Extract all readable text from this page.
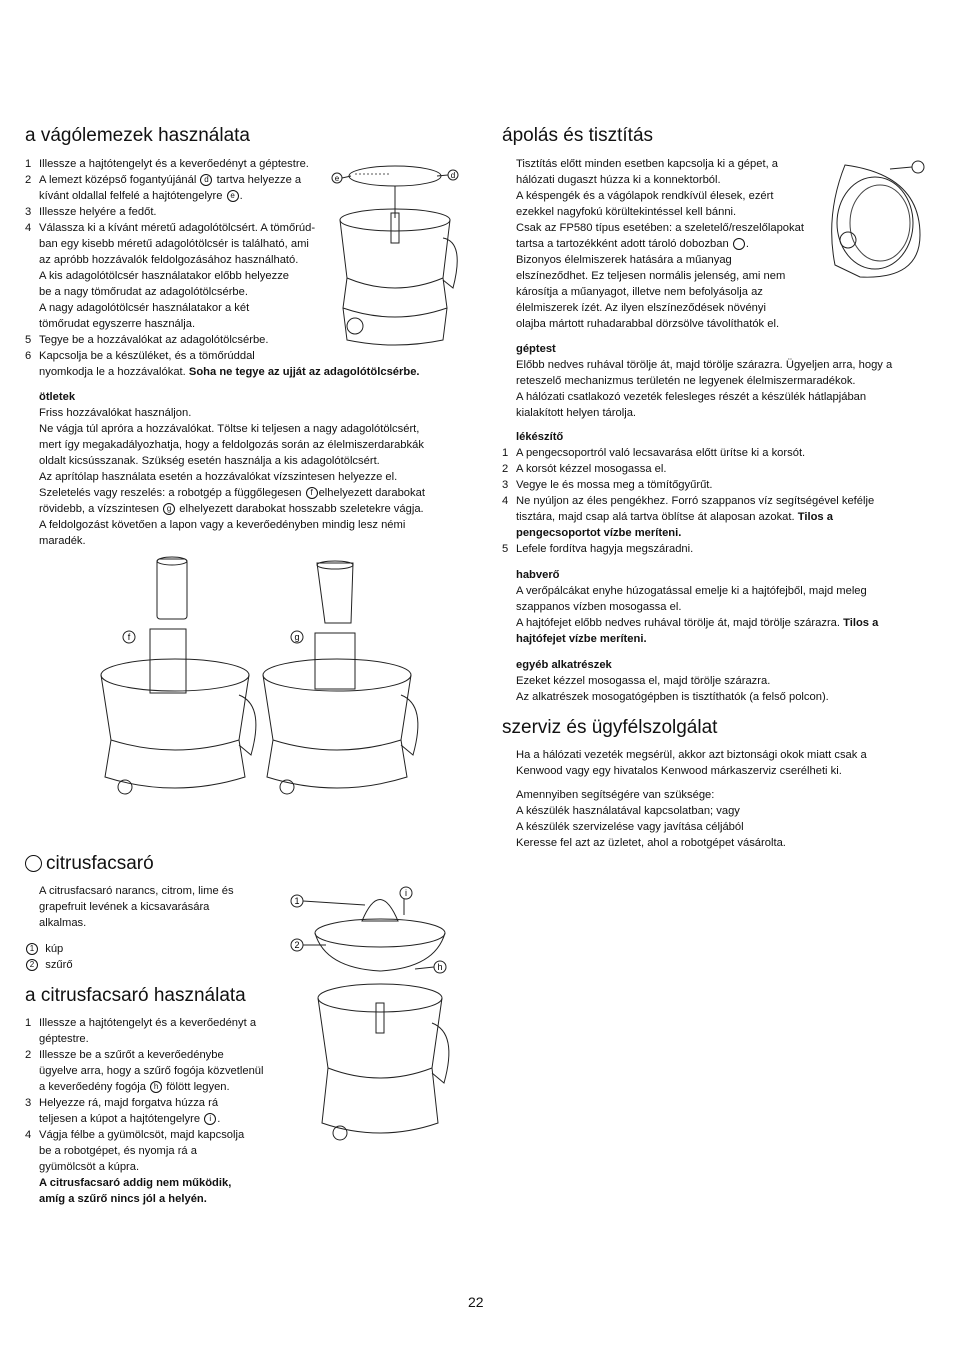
a vágólemezek használata
1 Illessze a hajtótengelyt és a keverőedényt a géptestre.
2 A lemezt középső fogantyújánál d tartva helyezze a
kívánt oldallal felfelé a hajtótengelyre e .
3 Illessze helyére a fedőt.
4 Válassza ki a kívánt méretű adagolótölcsért. A tömőrúd-
ban egy kisebb méretű adagolótölcsér is található, ami
az apróbb hozzávalók feldolgozásához használható.
A kis adagolótölcsér használatakor előbb helyezze
be a nagy tömőrudat az adagolótölcsérbe.
A nagy adagolótölcsér használatakor a két
tömőrudat egyszerre használja.
5 Tegye be a hozzávalókat az adagolótölcsérbe.
6 Kapcsolja be a készüléket, és a tömőrúddal
nyomkodja le a hozzávalókat. Soha ne tegye az ujját az adagolótölcsérbe.
ötletek
Friss hozzávalókat használjon.
Ne vágja túl apróra a hozzávalókat. Töltse ki teljesen a nagy adagolótölcsért,
mert így megakadályozhatja, hogy a feldolgozás során az élelmiszerdarabkák
oldalt kicsússzanak. Szükség esetén használja a kis adagolótölcsért.
Az aprítólap használata esetén a hozzávalókat vízszintesen helyezze el.
Szeletelés vagy reszelés: a robotgép a függőlegesen f elhelyezett darabokat
rövidebb, a vízszintesen g elhelyezett darabokat hosszabb szeletekre vágja.
A feldolgozást követően a lapon vagy a keverőedényben mindig lesz némi
maradék.
e	d
f	g
citrusfacsaró
A citrusfacsaró narancs, citrom, lime és
grapefruit levének a kicsavarására
alkalmas.
1 kúp
2 szűrő
a citrusfacsaró használata
1 Illessze a hajtótengelyt és a keverőedényt a
géptestre.
2 Illessze be a szűrőt a keverőedénybe
ügyelve arra, hogy a szűrő fogója közvetlenül
a keverőedény fogója h fölött legyen.
3 Helyezze rá, majd forgatva húzza rá
teljesen a kúpot a hajtótengelyre i .
4 Vágja félbe a gyümölcsöt, majd kapcsolja
be a robotgépet, és nyomja rá a
gyümölcsöt a kúpra.
A citrusfacsaró addig nem működik,
amíg a szűrő nincs jól a helyén.
1
i
2
h
ápolás és tisztítás
Tisztítás előtt minden esetben kapcsolja ki a gépet, a
hálózati dugaszt húzza ki a konnektorból.
A késpengék és a vágólapok rendkívül élesek, ezért
ezekkel nagyfokú körültekintéssel kell bánni.
Csak az FP580 típus esetében: a szeletelő/reszelőlapokat
tartsa a tartozékként adott tároló dobozban .
Bizonyos élelmiszerek hatására a műanyag
elszíneződhet. Ez teljesen normális jelenség, ami nem
károsítja a műanyagot, illetve nem befolyásolja az
élelmiszerek ízét. Az ilyen elszíneződések növényi
olajba mártott ruhadarabbal dörzsölve távolíthatók el.
géptest
Előbb nedves ruhával törölje át, majd törölje szárazra. Ügyeljen arra, hogy a
reteszelő mechanizmus területén ne legyenek élelmiszermaradékok.
A hálózati csatlakozó vezeték felesleges részét a készülék hátlapjában
kialakított helyen tárolja.
lékészítő
1 A pengecsoportról való lecsavarása előtt ürítse ki a korsót.
2 A korsót kézzel mosogassa el.
3 Vegye le és mossa meg a tömítőgyűrűt.
4 Ne nyúljon az éles pengékhez. Forró szappanos víz segítségével kefélje
tisztára, majd csap alá tartva öblítse át alaposan azokat. Tilos a
pengecsoportot vízbe meríteni.
5 Lefele fordítva hagyja megszáradni.
habverő
A verőpálcákat enyhe húzogatással emelje ki a hajtófejből, majd meleg
szappanos vízben mosogassa el.
A hajtófejet előbb nedves ruhával törölje át, majd törölje szárazra. Tilos a
hajtófejet vízbe meríteni.
egyéb alkatrészek
Ezeket kézzel mosogassa el, majd törölje szárazra.
Az alkatrészek mosogatógépben is tisztíthatók (a felső polcon).
szerviz és ügyfélszolgálat
Ha a hálózati vezeték megsérül, akkor azt biztonsági okok miatt csak a
Kenwood vagy egy hivatalos Kenwood márkaszerviz cserélheti ki.
Amennyiben segítségére van szüksége:
A készülék használatával kapcsolatban; vagy
A készülék szervizelése vagy javítása céljából
Keresse fel azt az üzletet, ahol a robotgépet vásárolta.
22
